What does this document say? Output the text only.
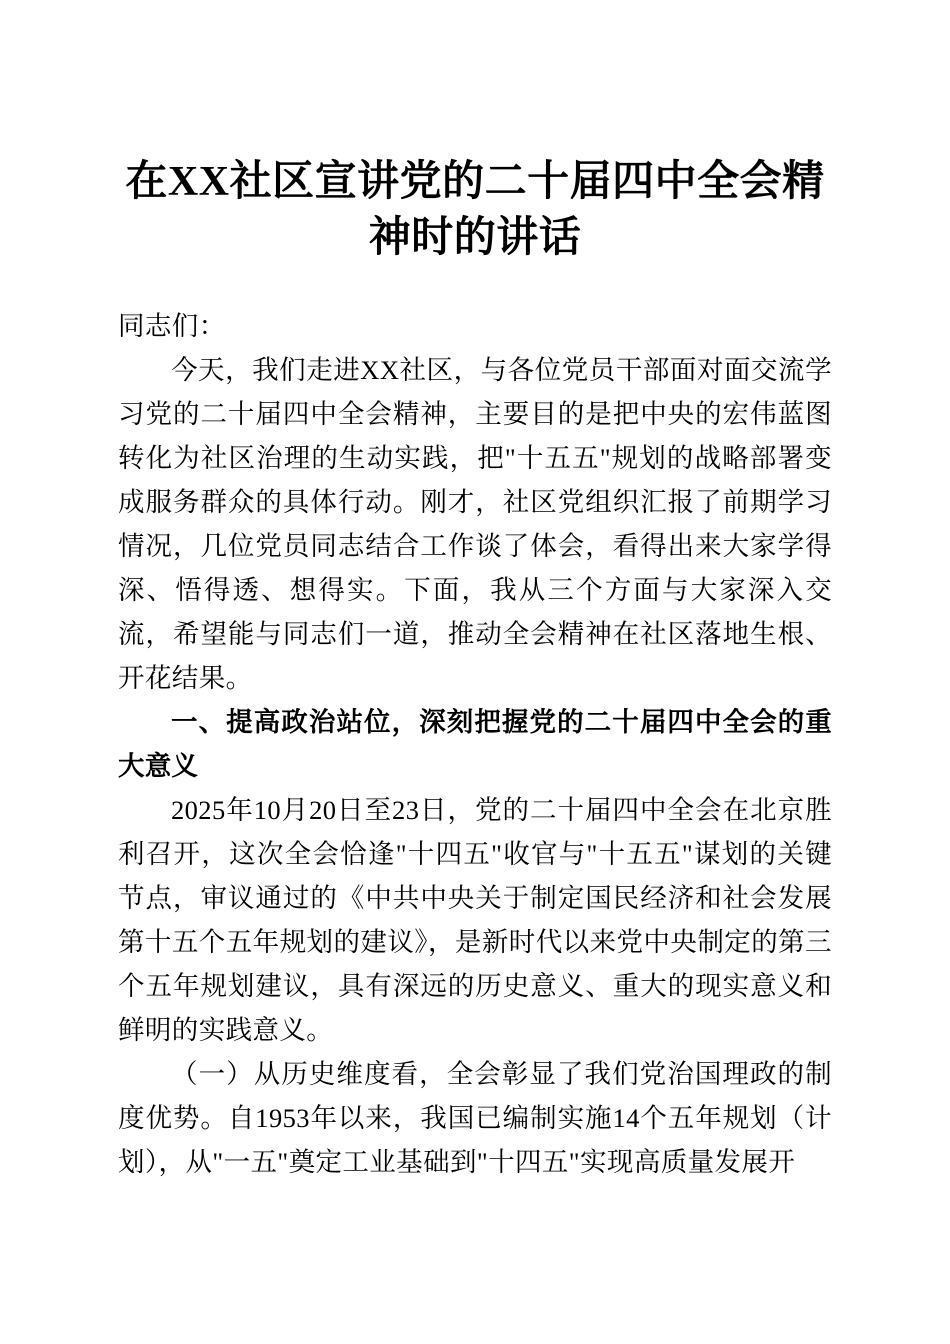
在XX社区宣讲党的二十届四中全会精神时的讲话

同志们：

今天，我们走进XX社区，与各位党员干部面对面交流学习党的二十届四中全会精神，主要目的是把中央的宏伟蓝图转化为社区治理的生动实践，把"十五五"规划的战略部署变成服务群众的具体行动。刚才，社区党组织汇报了前期学习情况，几位党员同志结合工作谈了体会，看得出来大家学得深、悟得透、想得实。下面，我从三个方面与大家深入交流，希望能与同志们一道，推动全会精神在社区落地生根、开花结果。

一、提高政治站位，深刻把握党的二十届四中全会的重大意义

2025年10月20日至23日，党的二十届四中全会在北京胜利召开，这次全会恰逢"十四五"收官与"十五五"谋划的关键节点，审议通过的《中共中央关于制定国民经济和社会发展第十五个五年规划的建议》，是新时代以来党中央制定的第三个五年规划建议，具有深远的历史意义、重大的现实意义和鲜明的实践意义。

（一）从历史维度看，全会彰显了我们党治国理政的制度优势。自1953年以来，我国已编制实施14个五年规划（计划），从"一五"奠定工业基础到"十四五"实现高质量发展开
